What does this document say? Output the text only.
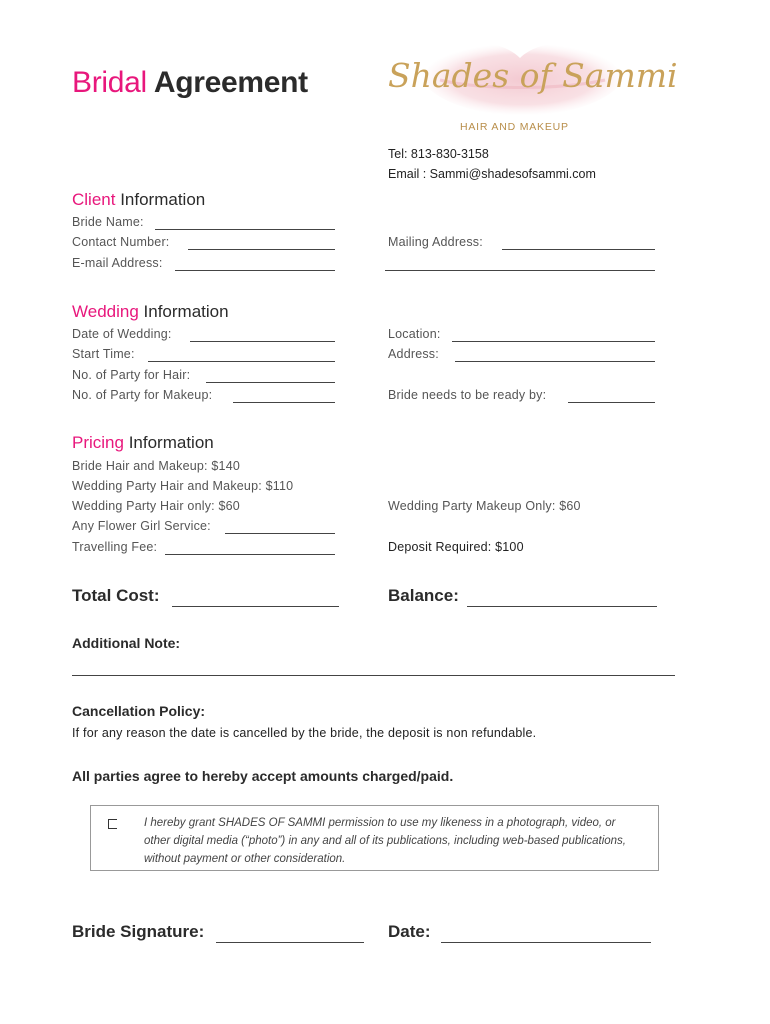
Bridal Agreement Shades of Sammi
HAIR AND MAKEUP
Tel: 813-830-3158
Email : Sammi@shadesofsammi.com
Client Information
Bride Name:
Contact Number:
E-mail Address:
Mailing Address:
Wedding Information
Date of Wedding:
Start Time:
No. of Party for Hair:
No. of Party for Makeup:
Location:
Address:
Bride needs to be ready by:
Pricing Information
Bride Hair and Makeup: $140
Wedding Party Hair and Makeup: $110
Wedding Party Hair only: $60
Any Flower Girl Service:
Travelling Fee:
Wedding Party Makeup Only: $60
Deposit Required: $100
Total Cost:	Balance:
Additional Note:
Cancellation Policy:
If for any reason the date is cancelled by the bride, the deposit is non refundable.
All parties agree to hereby accept amounts charged/paid.
I hereby grant SHADES OF SAMMI permission to use my likeness in a photograph, video, or other digital media (“photo”) in any and all of its publications, including web-based publications, without payment or other consideration.
Bride Signature:	Date:
